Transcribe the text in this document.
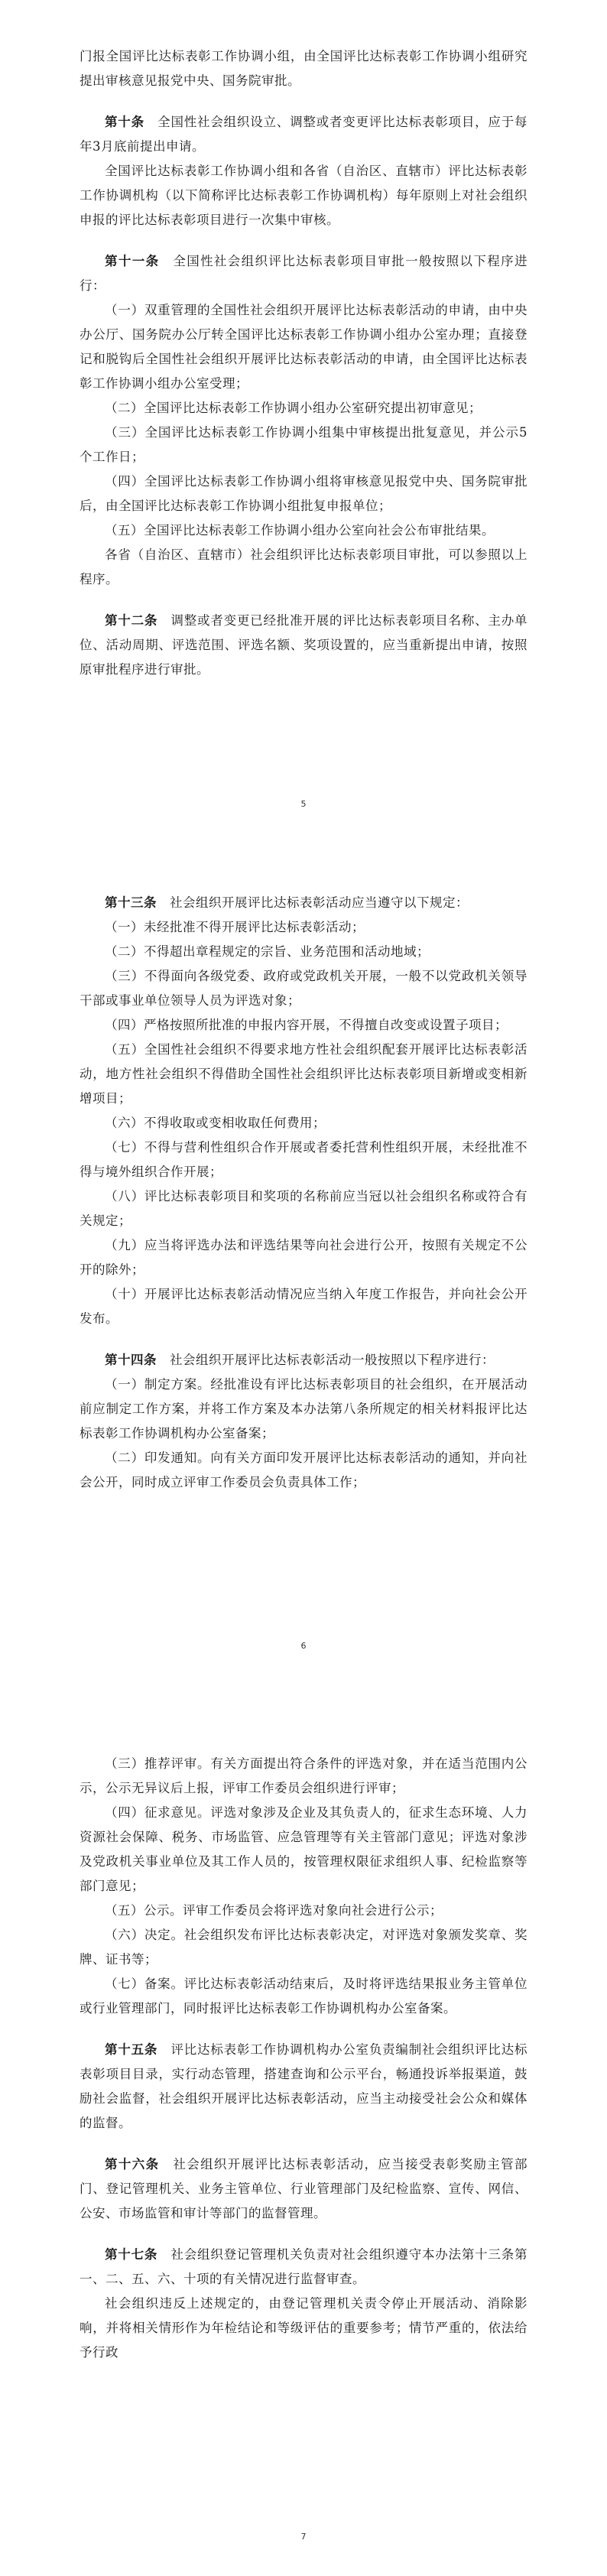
门报全国评比达标表彰工作协调小组，由全国评比达标表彰工作协调小组研究提出审核意见报党中央、国务院审批。

第十条　全国性社会组织设立、调整或者变更评比达标表彰项目，应于每年3月底前提出申请。

全国评比达标表彰工作协调小组和各省（自治区、直辖市）评比达标表彰工作协调机构（以下简称评比达标表彰工作协调机构）每年原则上对社会组织申报的评比达标表彰项目进行一次集中审核。

第十一条　全国性社会组织评比达标表彰项目审批一般按照以下程序进行：

（一）双重管理的全国性社会组织开展评比达标表彰活动的申请，由中央办公厅、国务院办公厅转全国评比达标表彰工作协调小组办公室办理；直接登记和脱钩后全国性社会组织开展评比达标表彰活动的申请，由全国评比达标表彰工作协调小组办公室受理；

（二）全国评比达标表彰工作协调小组办公室研究提出初审意见；

（三）全国评比达标表彰工作协调小组集中审核提出批复意见，并公示5个工作日；

（四）全国评比达标表彰工作协调小组将审核意见报党中央、国务院审批后，由全国评比达标表彰工作协调小组批复申报单位；

（五）全国评比达标表彰工作协调小组办公室向社会公布审批结果。

各省（自治区、直辖市）社会组织评比达标表彰项目审批，可以参照以上程序。

第十二条　调整或者变更已经批准开展的评比达标表彰项目名称、主办单位、活动周期、评选范围、评选名额、奖项设置的，应当重新提出申请，按照原审批程序进行审批。

5

第十三条　社会组织开展评比达标表彰活动应当遵守以下规定：

（一）未经批准不得开展评比达标表彰活动；

（二）不得超出章程规定的宗旨、业务范围和活动地域；

（三）不得面向各级党委、政府或党政机关开展，一般不以党政机关领导干部或事业单位领导人员为评选对象；

（四）严格按照所批准的申报内容开展，不得擅自改变或设置子项目；

（五）全国性社会组织不得要求地方性社会组织配套开展评比达标表彰活动，地方性社会组织不得借助全国性社会组织评比达标表彰项目新增或变相新增项目；

（六）不得收取或变相收取任何费用；

（七）不得与营利性组织合作开展或者委托营利性组织开展，未经批准不得与境外组织合作开展；

（八）评比达标表彰项目和奖项的名称前应当冠以社会组织名称或符合有关规定；

（九）应当将评选办法和评选结果等向社会进行公开，按照有关规定不公开的除外；

（十）开展评比达标表彰活动情况应当纳入年度工作报告，并向社会公开发布。

第十四条　社会组织开展评比达标表彰活动一般按照以下程序进行：

（一）制定方案。经批准设有评比达标表彰项目的社会组织，在开展活动前应制定工作方案，并将工作方案及本办法第八条所规定的相关材料报评比达标表彰工作协调机构办公室备案；

（二）印发通知。向有关方面印发开展评比达标表彰活动的通知，并向社会公开，同时成立评审工作委员会负责具体工作；

6

（三）推荐评审。有关方面提出符合条件的评选对象，并在适当范围内公示，公示无异议后上报，评审工作委员会组织进行评审；

（四）征求意见。评选对象涉及企业及其负责人的，征求生态环境、人力资源社会保障、税务、市场监管、应急管理等有关主管部门意见；评选对象涉及党政机关事业单位及其工作人员的，按管理权限征求组织人事、纪检监察等部门意见；

（五）公示。评审工作委员会将评选对象向社会进行公示；

（六）决定。社会组织发布评比达标表彰决定，对评选对象颁发奖章、奖牌、证书等；

（七）备案。评比达标表彰活动结束后，及时将评选结果报业务主管单位或行业管理部门，同时报评比达标表彰工作协调机构办公室备案。

第十五条　评比达标表彰工作协调机构办公室负责编制社会组织评比达标表彰项目目录，实行动态管理，搭建查询和公示平台，畅通投诉举报渠道，鼓励社会监督，社会组织开展评比达标表彰活动，应当主动接受社会公众和媒体的监督。

第十六条　社会组织开展评比达标表彰活动，应当接受表彰奖励主管部门、登记管理机关、业务主管单位、行业管理部门及纪检监察、宣传、网信、公安、市场监管和审计等部门的监督管理。

第十七条　社会组织登记管理机关负责对社会组织遵守本办法第十三条第一、二、五、六、十项的有关情况进行监督审查。

社会组织违反上述规定的，由登记管理机关责令停止开展活动、消除影响，并将相关情形作为年检结论和等级评估的重要参考；情节严重的，依法给予行政

7
